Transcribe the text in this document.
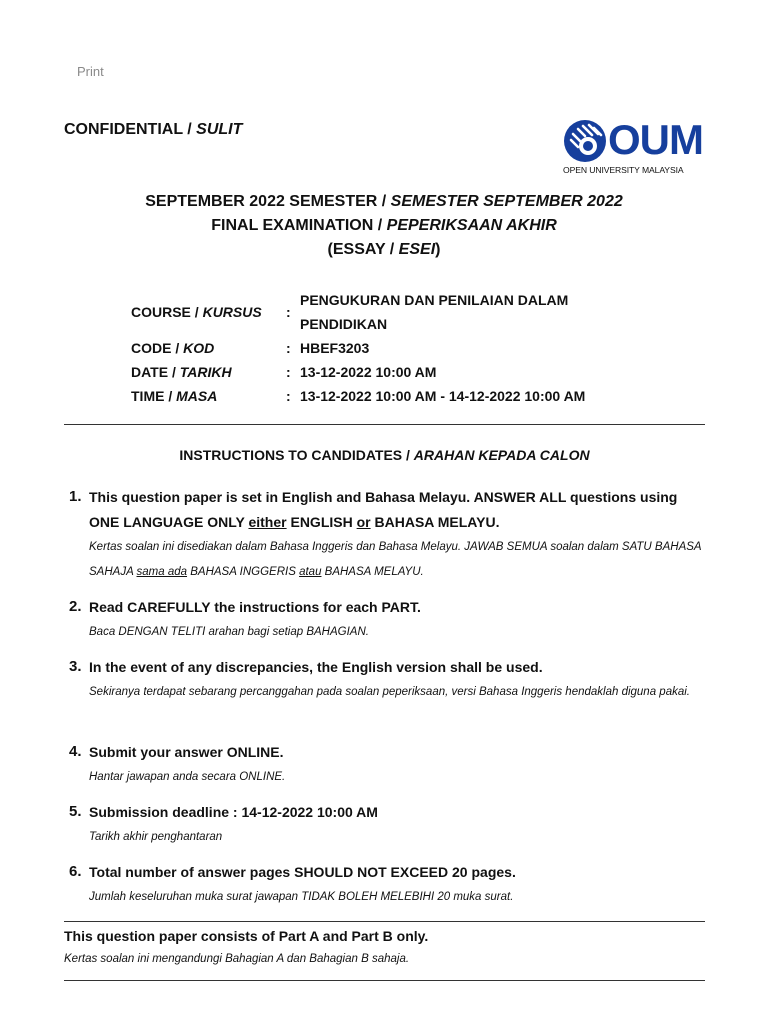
Print
CONFIDENTIAL / SULIT	OUM
OPEN UNIVERSITY MALAYSIA
SEPTEMBER 2022 SEMESTER / SEMESTER SEPTEMBER 2022
FINAL EXAMINATION / PEPERIKSAAN AKHIR
(ESSAY / ESEI)
COURSE / KURSUS	:
PENGUKURAN DAN PENILAIAN DALAM
PENDIDIKAN
CODE / KOD	: HBEF3203
DATE / TARIKH	: 13-12-2022 10:00 AM
TIME / MASA	: 13-12-2022 10:00 AM - 14-12-2022 10:00 AM
INSTRUCTIONS TO CANDIDATES / ARAHAN KEPADA CALON
1. This question paper is set in English and Bahasa Melayu. ANSWER ALL questions using ONE LANGUAGE ONLY either ENGLISH or BAHASA MELAYU.
Kertas soalan ini disediakan dalam Bahasa Inggeris dan Bahasa Melayu. JAWAB SEMUA soalan dalam SATU BAHASA SAHAJA sama ada BAHASA INGGERIS atau BAHASA MELAYU.
2. Read CAREFULLY the instructions for each PART.
Baca DENGAN TELITI arahan bagi setiap BAHAGIAN.
3. In the event of any discrepancies, the English version shall be used.
Sekiranya terdapat sebarang percanggahan pada soalan peperiksaan, versi Bahasa Inggeris hendaklah diguna pakai.
4. Submit your answer ONLINE.
Hantar jawapan anda secara ONLINE.
5. Submission deadline : 14-12-2022 10:00 AM
Tarikh akhir penghantaran
6. Total number of answer pages SHOULD NOT EXCEED 20 pages.
Jumlah keseluruhan muka surat jawapan TIDAK BOLEH MELEBIHI 20 muka surat.
This question paper consists of Part A and Part B only.
Kertas soalan ini mengandungi Bahagian A dan Bahagian B sahaja.
